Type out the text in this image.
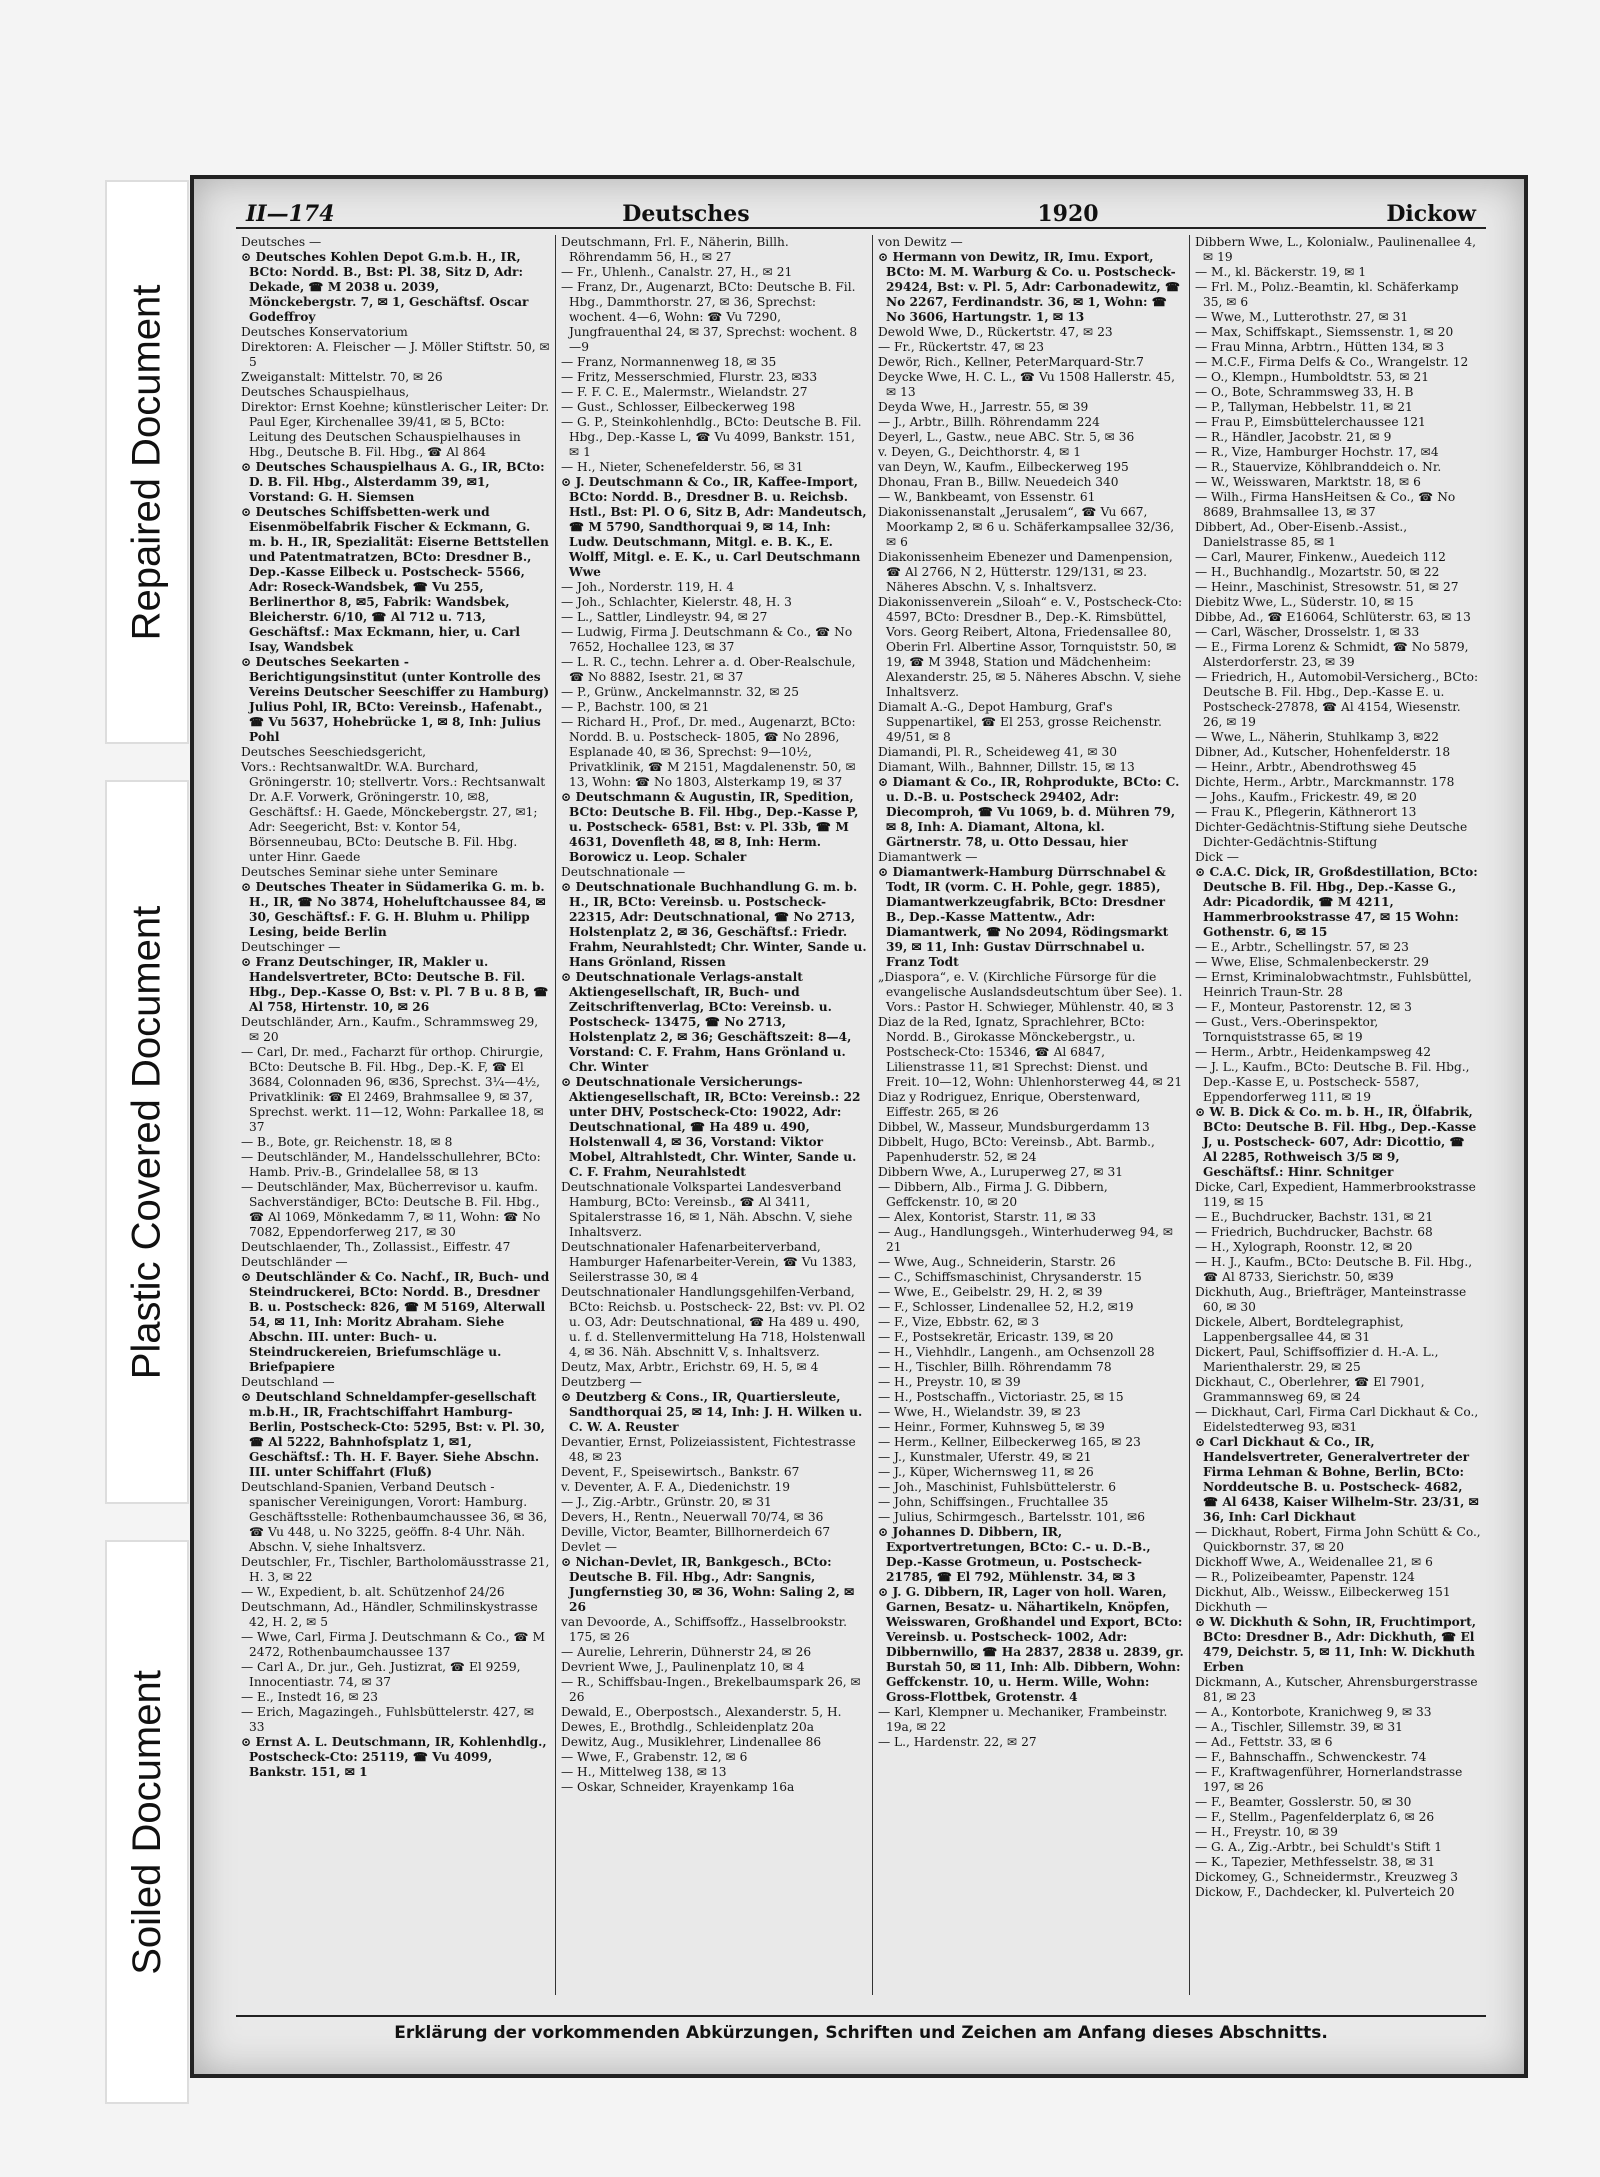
Repaired Document
Plastic Covered Document
Soiled Document
II—174	Deutsches	1920	Dickow

Deutsches —

⊙ Deutsches Kohlen Depot G.m.b. H., IR, BCto: Nordd. B., Bst: Pl. 38, Sitz D, Adr: Dekade, ☎ M 2038 u. 2039, Mönckebergstr. 7, ✉ 1, Geschäftsf. Oscar Godeffroy

Deutsches Konservatorium

Direktoren: A. Fleischer — J. Möller Stiftstr. 50, ✉ 5

Zweiganstalt: Mittelstr. 70, ✉ 26

Deutsches Schauspielhaus,

Direktor: Ernst Koehne; künstlerischer Leiter: Dr. Paul Eger, Kirchenallee 39/41, ✉ 5, BCto: Leitung des Deutschen Schauspielhauses in Hbg., Deutsche B. Fil. Hbg., ☎ Al 864

⊙ Deutsches Schauspielhaus A. G., IR, BCto: D. B. Fil. Hbg., Alsterdamm 39, ✉1, Vorstand: G. H. Siemsen

⊙ Deutsches Schiffsbetten-werk und Eisenmöbelfabrik Fischer & Eckmann, G. m. b. H., IR, Spezialität: Eiserne Bettstellen und Patentmatratzen, BCto: Dresdner B., Dep.-Kasse Eilbeck u. Postscheck- 5566, Adr: Roseck-Wandsbek, ☎ Vu 255, Berlinerthor 8, ✉5, Fabrik: Wandsbek, Bleicherstr. 6/10, ☎ Al 712 u. 713, Geschäftsf.: Max Eckmann, hier, u. Carl Isay, Wandsbek

⊙ Deutsches Seekarten - Berichtigungsinstitut (unter Kontrolle des Vereins Deutscher Seeschiffer zu Hamburg) Julius Pohl, IR, BCto: Vereinsb., Hafenabt., ☎ Vu 5637, Hohebrücke 1, ✉ 8, Inh: Julius Pohl

Deutsches Seeschiedsgericht,

Vors.: RechtsanwaltDr. W.A. Burchard, Gröningerstr. 10; stellvertr. Vors.: Rechtsanwalt Dr. A.F. Vorwerk, Gröningerstr. 10, ✉8, Geschäftsf.: H. Gaede, Mönckebergstr. 27, ✉1; Adr: Seegericht, Bst: v. Kontor 54, Börsenneubau, BCto: Deutsche B. Fil. Hbg. unter Hinr. Gaede

Deutsches Seminar siehe unter Seminare

⊙ Deutsches Theater in Südamerika G. m. b. H., IR, ☎ No 3874, Hoheluftchaussee 84, ✉ 30, Geschäftsf.: F. G. H. Bluhm u. Philipp Lesing, beide Berlin

Deutschinger —

⊙ Franz Deutschinger, IR, Makler u. Handelsvertreter, BCto: Deutsche B. Fil. Hbg., Dep.-Kasse O, Bst: v. Pl. 7 B u. 8 B, ☎ Al 758, Hirtenstr. 10, ✉ 26

Deutschländer, Arn., Kaufm., Schrammsweg 29, ✉ 20

— Carl, Dr. med., Facharzt für orthop. Chirurgie, BCto: Deutsche B. Fil. Hbg., Dep.-K. F, ☎ El 3684, Colonnaden 96, ✉36, Sprechst. 3¼—4½, Privatklinik: ☎ El 2469, Brahmsallee 9, ✉ 37, Sprechst. werkt. 11—12, Wohn: Parkallee 18, ✉37

— B., Bote, gr. Reichenstr. 18, ✉ 8

— Deutschländer, M., Handelsschullehrer, BCto: Hamb. Priv.-B., Grindelallee 58, ✉ 13

— Deutschländer, Max, Bücherrevisor u. kaufm. Sachverständiger, BCto: Deutsche B. Fil. Hbg., ☎ Al 1069, Mönkedamm 7, ✉ 11, Wohn: ☎ No 7082, Eppendorferweg 217, ✉ 30

Deutschlaender, Th., Zollassist., Eiffestr. 47

Deutschländer —

⊙ Deutschländer & Co. Nachf., IR, Buch- und Steindruckerei, BCto: Nordd. B., Dresdner B. u. Postscheck: 826, ☎ M 5169, Alterwall 54, ✉ 11, Inh: Moritz Abraham. Siehe Abschn. III. unter: Buch- u. Steindruckereien, Briefumschläge u. Briefpapiere

Deutschland —

⊙ Deutschland Schneldampfer-gesellschaft m.b.H., IR, Frachtschiffahrt Hamburg-Berlin, Postscheck-Cto: 5295, Bst: v. Pl. 30, ☎ Al 5222, Bahnhofsplatz 1, ✉1, Geschäftsf.: Th. H. F. Bayer. Siehe Abschn. III. unter Schiffahrt (Fluß)

Deutschland-Spanien, Verband Deutsch - spanischer Vereinigungen, Vorort: Hamburg. Geschäftsstelle: Rothenbaumchaussee 36, ✉ 36, ☎ Vu 448, u. No 3225, geöffn. 8-4 Uhr. Näh. Abschn. V, siehe Inhaltsverz.

Deutschler, Fr., Tischler, Bartholomäusstrasse 21, H. 3, ✉ 22

— W., Expedient, b. alt. Schützenhof 24/26

Deutschmann, Ad., Händler, Schmilinskystrasse 42, H. 2, ✉ 5

— Wwe, Carl, Firma J. Deutschmann & Co., ☎ M 2472, Rothenbaumchaussee 137

— Carl A., Dr. jur., Geh. Justizrat, ☎ El 9259, Innocentiastr. 74, ✉ 37

— E., Instedt 16, ✉ 23

— Erich, Magazingeh., Fuhlsbüttelerstr. 427, ✉ 33

⊙ Ernst A. L. Deutschmann, IR, Kohlenhdlg., Postscheck-Cto: 25119, ☎ Vu 4099, Bankstr. 151, ✉ 1

Deutschmann, Frl. F., Näherin, Billh. Röhrendamm 56, H., ✉ 27

— Fr., Uhlenh., Canalstr. 27, H., ✉ 21

— Franz, Dr., Augenarzt, BCto: Deutsche B. Fil. Hbg., Dammthorstr. 27, ✉ 36, Sprechst: wochent. 4—6, Wohn: ☎ Vu 7290, Jungfrauenthal 24, ✉ 37, Sprechst: wochent. 8—9

— Franz, Normannenweg 18, ✉ 35

— Fritz, Messerschmied, Flurstr. 23, ✉33

— F. F. C. E., Malermstr., Wielandstr. 27

— Gust., Schlosser, Eilbeckerweg 198

— G. P., Steinkohlenhdlg., BCto: Deutsche B. Fil. Hbg., Dep.-Kasse L, ☎ Vu 4099, Bankstr. 151, ✉ 1

— H., Nieter, Schenefelderstr. 56, ✉ 31

⊙ J. Deutschmann & Co., IR, Kaffee-Import, BCto: Nordd. B., Dresdner B. u. Reichsb. Hstl., Bst: Pl. O 6, Sitz B, Adr: Mandeutsch, ☎ M 5790, Sandthorquai 9, ✉ 14, Inh: Ludw. Deutschmann, Mitgl. e. B. K., E. Wolff, Mitgl. e. E. K., u. Carl Deutschmann Wwe

— Joh., Norderstr. 119, H. 4

— Joh., Schlachter, Kielerstr. 48, H. 3

— L., Sattler, Lindleystr. 94, ✉ 27

— Ludwig, Firma J. Deutschmann & Co., ☎ No 7652, Hochallee 123, ✉ 37

— L. R. C., techn. Lehrer a. d. Ober-Realschule, ☎ No 8882, Isestr. 21, ✉ 37

— P., Grünw., Anckelmannstr. 32, ✉ 25

— P., Bachstr. 100, ✉ 21

— Richard H., Prof., Dr. med., Augenarzt, BCto: Nordd. B. u. Postscheck- 1805, ☎ No 2896, Esplanade 40, ✉ 36, Sprechst: 9—10½, Privatklinik, ☎ M 2151, Magdalenenstr. 50, ✉ 13, Wohn: ☎ No 1803, Alsterkamp 19, ✉ 37

⊙ Deutschmann & Augustin, IR, Spedition, BCto: Deutsche B. Fil. Hbg., Dep.-Kasse P, u. Postscheck- 6581, Bst: v. Pl. 33b, ☎ M 4631, Dovenfleth 48, ✉ 8, Inh: Herm. Borowicz u. Leop. Schaler

Deutschnationale —

⊙ Deutschnationale Buchhandlung G. m. b. H., IR, BCto: Vereinsb. u. Postscheck- 22315, Adr: Deutschnational, ☎ No 2713, Holstenplatz 2, ✉ 36, Geschäftsf.: Friedr. Frahm, Neurahlstedt; Chr. Winter, Sande u. Hans Grönland, Rissen

⊙ Deutschnationale Verlags-anstalt Aktiengesellschaft, IR, Buch- und Zeitschriftenverlag, BCto: Vereinsb. u. Postscheck- 13475, ☎ No 2713, Holstenplatz 2, ✉ 36; Geschäftszeit: 8—4, Vorstand: C. F. Frahm, Hans Grönland u. Chr. Winter

⊙ Deutschnationale Versicherungs-Aktiengesellschaft, IR, BCto: Vereinsb.: 22 unter DHV, Postscheck-Cto: 19022, Adr: Deutschnational, ☎ Ha 489 u. 490, Holstenwall 4, ✉ 36, Vorstand: Viktor Mobel, Altrahlstedt, Chr. Winter, Sande u. C. F. Frahm, Neurahlstedt

Deutschnationale Volkspartei Landesverband Hamburg, BCto: Vereinsb., ☎ Al 3411, Spitalerstrasse 16, ✉ 1, Näh. Abschn. V, siehe Inhaltsverz.

Deutschnationaler Hafenarbeiterverband, Hamburger Hafenarbeiter-Verein, ☎ Vu 1383, Seilerstrasse 30, ✉ 4

Deutschnationaler Handlungsgehilfen-Verband, BCto: Reichsb. u. Postscheck- 22, Bst: vv. Pl. O2 u. O3, Adr: Deutschnational, ☎ Ha 489 u. 490, u. f. d. Stellenvermittelung Ha 718, Holstenwall 4, ✉ 36. Näh. Abschnitt V, s. Inhaltsverz.

Deutz, Max, Arbtr., Erichstr. 69, H. 5, ✉ 4

Deutzberg —

⊙ Deutzberg & Cons., IR, Quartiersleute, Sandthorquai 25, ✉ 14, Inh: J. H. Wilken u. C. W. A. Reuster

Devantier, Ernst, Polizeiassistent, Fichtestrasse 48, ✉ 23

Devent, F., Speisewirtsch., Bankstr. 67

v. Deventer, A. F. A., Diedenichstr. 19

— J., Zig.-Arbtr., Grünstr. 20, ✉ 31

Devers, H., Rentn., Neuerwall 70/74, ✉ 36

Deville, Victor, Beamter, Billhornerdeich 67

Devlet —

⊙ Nichan-Devlet, IR, Bankgesch., BCto: Deutsche B. Fil. Hbg., Adr: Sangnis, Jungfernstieg 30, ✉ 36, Wohn: Saling 2, ✉ 26

van Devoorde, A., Schiffsoffz., Hasselbrookstr. 175, ✉ 26

— Aurelie, Lehrerin, Dühnerstr 24, ✉ 26

Devrient Wwe, J., Paulinenplatz 10, ✉ 4

— R., Schiffsbau-Ingen., Brekelbaumspark 26, ✉ 26

Dewald, E., Oberpostsch., Alexanderstr. 5, H.

Dewes, E., Brothdlg., Schleidenplatz 20a

Dewitz, Aug., Musiklehrer, Lindenallee 86

— Wwe, F., Grabenstr. 12, ✉ 6

— H., Mittelweg 138, ✉ 13

— Oskar, Schneider, Krayenkamp 16a

von Dewitz —

⊙ Hermann von Dewitz, IR, Imu. Export, BCto: M. M. Warburg & Co. u. Postscheck- 29424, Bst: v. Pl. 5, Adr: Carbonadewitz, ☎ No 2267, Ferdinandstr. 36, ✉ 1, Wohn: ☎ No 3606, Hartungstr. 1, ✉ 13

Dewold Wwe, D., Rückertstr. 47, ✉ 23

— Fr., Rückertstr. 47, ✉ 23

Dewör, Rich., Kellner, PeterMarquard-Str.7

Deycke Wwe, H. C. L., ☎ Vu 1508 Hallerstr. 45, ✉ 13

Deyda Wwe, H., Jarrestr. 55, ✉ 39

— J., Arbtr., Billh. Röhrendamm 224

Deyerl, L., Gastw., neue ABC. Str. 5, ✉ 36

v. Deyen, G., Deichthorstr. 4, ✉ 1

van Deyn, W., Kaufm., Eilbeckerweg 195

Dhonau, Fran B., Billw. Neuedeich 340

— W., Bankbeamt, von Essenstr. 61

Diakonissenanstalt „Jerusalem“, ☎ Vu 667, Moorkamp 2, ✉ 6 u. Schäferkampsallee 32/36, ✉ 6

Diakonissenheim Ebenezer und Damenpension, ☎ Al 2766, N 2, Hütterstr. 129/131, ✉ 23. Näheres Abschn. V, s. Inhaltsverz.

Diakonissenverein „Siloah“ e. V., Postscheck-Cto: 4597, BCto: Dresdner B., Dep.-K. Rimsbüttel, Vors. Georg Reibert, Altona, Friedensallee 80, Oberin Frl. Albertine Assor, Tornquiststr. 50, ✉ 19, ☎ M 3948, Station und Mädchenheim: Alexanderstr. 25, ✉ 5. Näheres Abschn. V, siehe Inhaltsverz.

Diamalt A.-G., Depot Hamburg, Graf's Suppenartikel, ☎ El 253, grosse Reichenstr. 49/51, ✉ 8

Diamandi, Pl. R., Scheideweg 41, ✉ 30

Diamant, Wilh., Bahnner, Dillstr. 15, ✉ 13

⊙ Diamant & Co., IR, Rohprodukte, BCto: C. u. D.-B. u. Postscheck 29402, Adr: Diecomproh, ☎ Vu 1069, b. d. Mühren 79, ✉ 8, Inh: A. Diamant, Altona, kl. Gärtnerstr. 78, u. Otto Dessau, hier

Diamantwerk —

⊙ Diamantwerk-Hamburg Dürrschnabel & Todt, IR (vorm. C. H. Pohle, gegr. 1885), Diamantwerkzeugfabrik, BCto: Dresdner B., Dep.-Kasse Mattentw., Adr: Diamantwerk, ☎ No 2094, Rödingsmarkt 39, ✉ 11, Inh: Gustav Dürrschnabel u. Franz Todt

„Diaspora“, e. V. (Kirchliche Fürsorge für die evangelische Auslandsdeutschtum über See). 1. Vors.: Pastor H. Schwieger, Mühlenstr. 40, ✉ 3

Diaz de la Red, Ignatz, Sprachlehrer, BCto: Nordd. B., Girokasse Mönckebergstr., u. Postscheck-Cto: 15346, ☎ Al 6847, Lilienstrasse 11, ✉1 Sprechst: Dienst. und Freit. 10—12, Wohn: Uhlenhorsterweg 44, ✉ 21

Diaz y Rodriguez, Enrique, Oberstenward, Eiffestr. 265, ✉ 26

Dibbel, W., Masseur, Mundsburgerdamm 13

Dibbelt, Hugo, BCto: Vereinsb., Abt. Barmb., Papenhuderstr. 52, ✉ 24

Dibbern Wwe, A., Luruperweg 27, ✉ 31

— Dibbern, Alb., Firma J. G. Dibbern, Geffckenstr. 10, ✉ 20

— Alex, Kontorist, Starstr. 11, ✉ 33

— Aug., Handlungsgeh., Winterhuderweg 94, ✉ 21

— Wwe, Aug., Schneiderin, Starstr. 26

— C., Schiffsmaschinist, Chrysanderstr. 15

— Wwe, E., Geibelstr. 29, H. 2, ✉ 39

— F., Schlosser, Lindenallee 52, H.2, ✉19

— F., Vize, Ebbstr. 62, ✉ 3

— F., Postsekretär, Ericastr. 139, ✉ 20

— H., Viehhdlr., Langenh., am Ochsenzoll 28

— H., Tischler, Billh. Röhrendamm 78

— H., Preystr. 10, ✉ 39

— H., Postschaffn., Victoriastr. 25, ✉ 15

— Wwe, H., Wielandstr. 39, ✉ 23

— Heinr., Former, Kuhnsweg 5, ✉ 39

— Herm., Kellner, Eilbeckerweg 165, ✉ 23

— J., Kunstmaler, Uferstr. 49, ✉ 21

— J., Küper, Wichernsweg 11, ✉ 26

— Joh., Maschinist, Fuhlsbüttelerstr. 6

— John, Schiffsingen., Fruchtallee 35

— Julius, Schirmgesch., Bartelsstr. 101, ✉6

⊙ Johannes D. Dibbern, IR, Exportvertretungen, BCto: C.- u. D.-B., Dep.-Kasse Grotmeun, u. Postscheck- 21785, ☎ El 792, Mühlenstr. 34, ✉ 3

⊙ J. G. Dibbern, IR, Lager von holl. Waren, Garnen, Besatz- u. Nähartikeln, Knöpfen, Weisswaren, Großhandel und Export, BCto: Vereinsb. u. Postscheck- 1002, Adr: Dibbernwillo, ☎ Ha 2837, 2838 u. 2839, gr. Burstah 50, ✉ 11, Inh: Alb. Dibbern, Wohn: Geffckenstr. 10, u. Herm. Wille, Wohn: Gross-Flottbek, Grotenstr. 4

— Karl, Klempner u. Mechaniker, Frambeinstr. 19a, ✉ 22

— L., Hardenstr. 22, ✉ 27

Dibbern Wwe, L., Kolonialw., Paulinenallee 4, ✉ 19

— M., kl. Bäckerstr. 19, ✉ 1

— Frl. M., Polız.-Beamtin, kl. Schäferkamp 35, ✉ 6

— Wwe, M., Lutterothstr. 27, ✉ 31

— Max, Schiffskapt., Siemssenstr. 1, ✉ 20

— Frau Minna, Arbtrn., Hütten 134, ✉ 3

— M.C.F., Firma Delfs & Co., Wrangelstr. 12

— O., Klempn., Humboldtstr. 53, ✉ 21

— O., Bote, Schrammsweg 33, H. B

— P., Tallyman, Hebbelstr. 11, ✉ 21

— Frau P., Eimsbüttelerchaussee 121

— R., Händler, Jacobstr. 21, ✉ 9

— R., Vize, Hamburger Hochstr. 17, ✉4

— R., Stauervize, Köhlbranddeich o. Nr.

— W., Weisswaren, Marktstr. 18, ✉ 6

— Wilh., Firma HansHeitsen & Co., ☎ No 8689, Brahmsallee 13, ✉ 37

Dibbert, Ad., Ober-Eisenb.-Assist., Danielstrasse 85, ✉ 1

— Carl, Maurer, Finkenw., Auedeich 112

— H., Buchhandlg., Mozartstr. 50, ✉ 22

— Heinr., Maschinist, Stresowstr. 51, ✉ 27

Diebitz Wwe, L., Süderstr. 10, ✉ 15

Dibbe, Ad., ☎ E16064, Schlüterstr. 63, ✉ 13

— Carl, Wäscher, Drosselstr. 1, ✉ 33

— E., Firma Lorenz & Schmidt, ☎ No 5879, Alsterdorferstr. 23, ✉ 39

— Friedrich, H., Automobil-Versicherg., BCto: Deutsche B. Fil. Hbg., Dep.-Kasse E. u. Postscheck-27878, ☎ Al 4154, Wiesenstr. 26, ✉ 19

— Wwe, L., Näherin, Stuhlkamp 3, ✉22

Dibner, Ad., Kutscher, Hohenfelderstr. 18

— Heinr., Arbtr., Abendrothsweg 45

Dichte, Herm., Arbtr., Marckmannstr. 178

— Johs., Kaufm., Frickestr. 49, ✉ 20

— Frau K., Pflegerin, Käthnerort 13

Dichter-Gedächtnis-Stiftung siehe Deutsche Dichter-Gedächtnis-Stiftung

Dick —

⊙ C.A.C. Dick, IR, Großdestillation, BCto: Deutsche B. Fil. Hbg., Dep.-Kasse G., Adr: Picadordik, ☎ M 4211, Hammerbrookstrasse 47, ✉ 15 Wohn: Gothenstr. 6, ✉ 15

— E., Arbtr., Schellingstr. 57, ✉ 23

— Wwe, Elise, Schmalenbeckerstr. 29

— Ernst, Kriminalobwachtmstr., Fuhlsbüttel, Heinrich Traun-Str. 28

— F., Monteur, Pastorenstr. 12, ✉ 3

— Gust., Vers.-Oberinspektor, Tornquiststrasse 65, ✉ 19

— Herm., Arbtr., Heidenkampsweg 42

— J. L., Kaufm., BCto: Deutsche B. Fil. Hbg., Dep.-Kasse E, u. Postscheck- 5587, Eppendorferweg 111, ✉ 19

⊙ W. B. Dick & Co. m. b. H., IR, Ölfabrik, BCto: Deutsche B. Fil. Hbg., Dep.-Kasse J, u. Postscheck- 607, Adr: Dicottio, ☎ Al 2285, Rothweisch 3/5 ✉ 9, Geschäftsf.: Hinr. Schnitger

Dicke, Carl, Expedient, Hammerbrookstrasse 119, ✉ 15

— E., Buchdrucker, Bachstr. 131, ✉ 21

— Friedrich, Buchdrucker, Bachstr. 68

— H., Xylograph, Roonstr. 12, ✉ 20

— H. J., Kaufm., BCto: Deutsche B. Fil. Hbg., ☎ Al 8733, Sierichstr. 50, ✉39

Dickhuth, Aug., Briefträger, Manteinstrasse 60, ✉ 30

Dickele, Albert, Bordtelegraphist, Lappenbergsallee 44, ✉ 31

Dickert, Paul, Schiffsoffizier d. H.-A. L., Marienthalerstr. 29, ✉ 25

Dickhaut, C., Oberlehrer, ☎ El 7901, Grammannsweg 69, ✉ 24

— Dickhaut, Carl, Firma Carl Dickhaut & Co., Eidelstedterweg 93, ✉31

⊙ Carl Dickhaut & Co., IR, Handelsvertreter, Generalvertreter der Firma Lehman & Bohne, Berlin, BCto: Norddeutsche B. u. Postscheck- 4682, ☎ Al 6438, Kaiser Wilhelm-Str. 23/31, ✉ 36, Inh: Carl Dickhaut

— Dickhaut, Robert, Firma John Schütt & Co., Quickbornstr. 37, ✉ 20

Dickhoff Wwe, A., Weidenallee 21, ✉ 6

— R., Polizeibeamter, Papenstr. 124

Dickhut, Alb., Weissw., Eilbeckerweg 151

Dickhuth —

⊙ W. Dickhuth & Sohn, IR, Fruchtimport, BCto: Dresdner B., Adr: Dickhuth, ☎ El 479, Deichstr. 5, ✉ 11, Inh: W. Dickhuth Erben

Dickmann, A., Kutscher, Ahrensburgerstrasse 81, ✉ 23

— A., Kontorbote, Kranichweg 9, ✉ 33

— A., Tischler, Sillemstr. 39, ✉ 31

— Ad., Fettstr. 33, ✉ 6

— F., Bahnschaffn., Schwenckestr. 74

— F., Kraftwagenführer, Hornerlandstrasse 197, ✉ 26

— F., Beamter, Gosslerstr. 50, ✉ 30

— F., Stellm., Pagenfelderplatz 6, ✉ 26

— H., Freystr. 10, ✉ 39

— G. A., Zig.-Arbtr., bei Schuldt's Stift 1

— K., Tapezier, Methfesselstr. 38, ✉ 31

Dickomey, G., Schneidermstr., Kreuzweg 3

Dickow, F., Dachdecker, kl. Pulverteich 20

Erklärung der vorkommenden Abkürzungen, Schriften und Zeichen am Anfang dieses Abschnitts.
